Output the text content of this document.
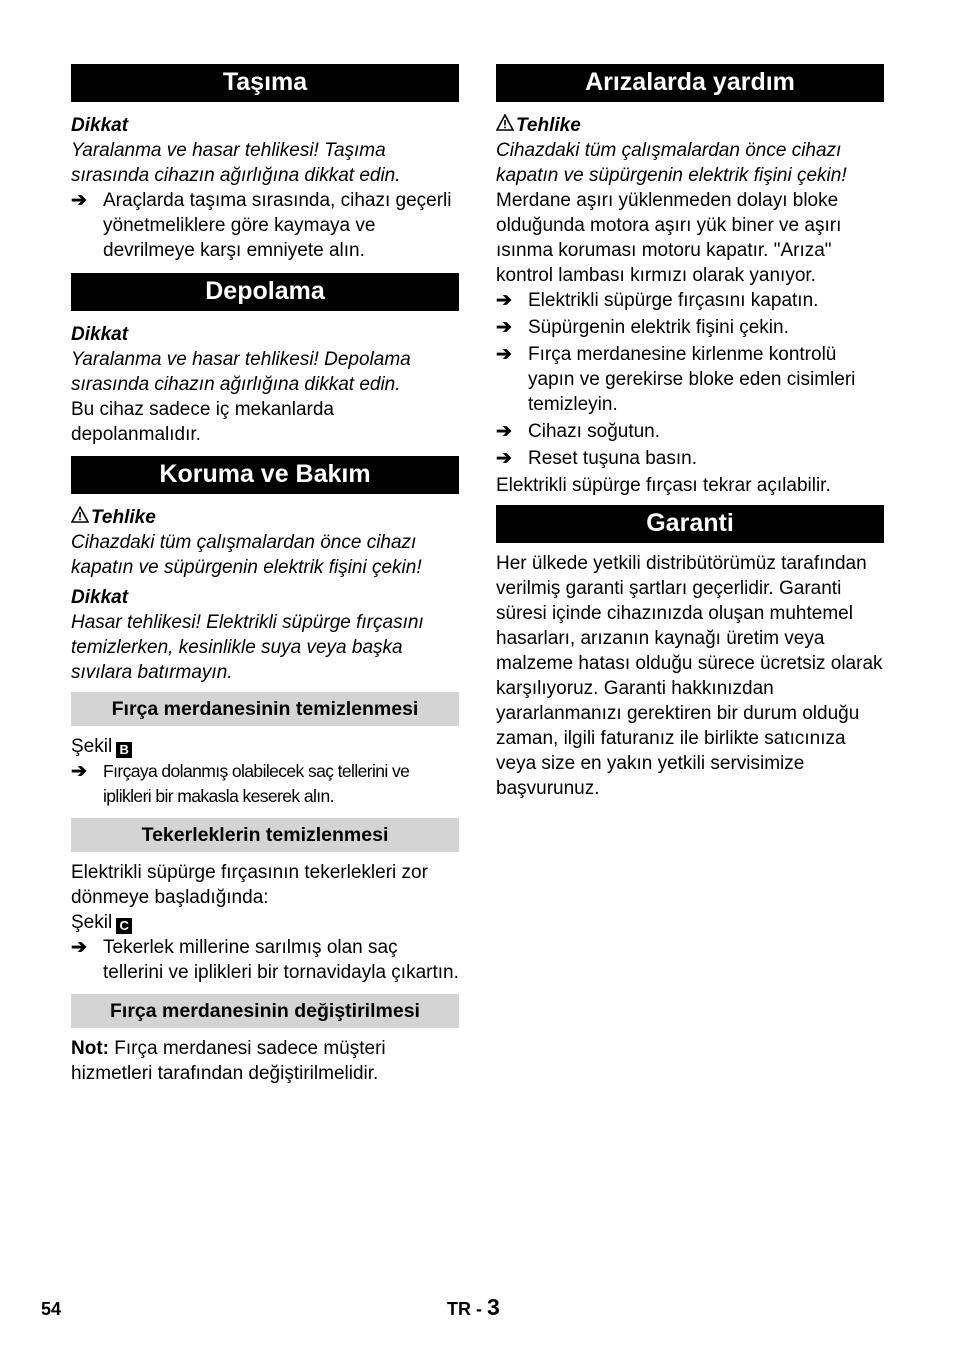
Taşıma

Dikkat

Yaralanma ve hasar tehlikesi! Taşıma sırasında cihazın ağırlığına dikkat edin.

➔ Araçlarda taşıma sırasında, cihazı geçerli yönetmeliklere göre kaymaya ve devrilmeye karşı emniyete alın.
Depolama

Dikkat

Yaralanma ve hasar tehlikesi! Depolama sırasında cihazın ağırlığına dikkat edin.

Bu cihaz sadece iç mekanlarda depolanmalıdır.

Koruma ve Bakım

Tehlike

Cihazdaki tüm çalışmalardan önce cihazı kapatın ve süpürgenin elektrik fişini çekin!

Dikkat

Hasar tehlikesi! Elektrikli süpürge fırçasını temizlerken, kesinlikle suya veya başka sıvılara batırmayın.

Fırça merdanesinin temizlenmesi

Şekil B

➔ Fırçaya dolanmış olabilecek saç tellerini ve iplikleri bir makasla keserek alın.
Tekerleklerin temizlenmesi

Elektrikli süpürge fırçasının tekerlekleri zor dönmeye başladığında:

Şekil C

➔ Tekerlek millerine sarılmış olan saç tellerini ve iplikleri bir tornavidayla çıkartın.
Fırça merdanesinin değiştirilmesi

Not: Fırça merdanesi sadece müşteri hizmetleri tarafından değiştirilmelidir.

Arızalarda yardım

Tehlike

Cihazdaki tüm çalışmalardan önce cihazı kapatın ve süpürgenin elektrik fişini çekin!

Merdane aşırı yüklenmeden dolayı bloke olduğunda motora aşırı yük biner ve aşırı ısınma koruması motoru kapatır. "Arıza" kontrol lambası kırmızı olarak yanıyor.

➔ Elektrikli süpürge fırçasını kapatın.
➔ Süpürgenin elektrik fişini çekin.
➔ Fırça merdanesine kirlenme kontrolü yapın ve gerekirse bloke eden cisimleri temizleyin.
➔ Cihazı soğutun.
➔ Reset tuşuna basın.

Elektrikli süpürge fırçası tekrar açılabilir.

Garanti

Her ülkede yetkili distribütörümüz tarafından verilmiş garanti şartları geçerlidir. Garanti süresi içinde cihazınızda oluşan muhtemel hasarları, arızanın kaynağı üretim veya malzeme hatası olduğu sürece ücretsiz olarak karşılıyoruz. Garanti hakkınızdan yararlanmanızı gerektiren bir durum olduğu zaman, ilgili faturanız ile birlikte satıcınıza veya size en yakın yetkili servisimize başvurunuz.

54	TR - 3
